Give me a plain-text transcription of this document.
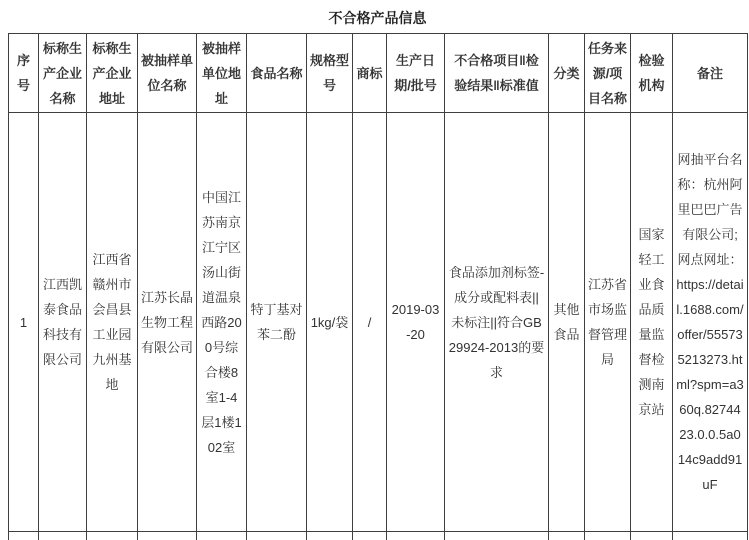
不合格产品信息
序号	标称生产企业名称	标称生产企业地址	被抽样单位名称	被抽样单位地址	食品名称	规格型号	商标	生产日期/批号	不合格项目‖检验结果‖标准值	分类	任务来源/项目名称	检验机构	备注
1	江西凯泰食品科技有限公司	江西省赣州市会昌县工业园九州基地	江苏长晶生物工程有限公司	中国江苏南京江宁区汤山街道温泉西路200号综合楼8室1-4层1楼102室	特丁基对苯二酚	1kg/袋	/	2019-03-20	食品添加剂标签-成分或配料表||未标注||符合GB29924-2013的要求	其他食品	江苏省市场监督管理局	国家轻工业食品质量监督检测南京站	网抽平台名称：杭州阿里巴巴广告有限公司;网点网址：https://detail.1688.com/offer/555735213273.html?spm=a360q.8274423.0.0.5a014c9add91uF
